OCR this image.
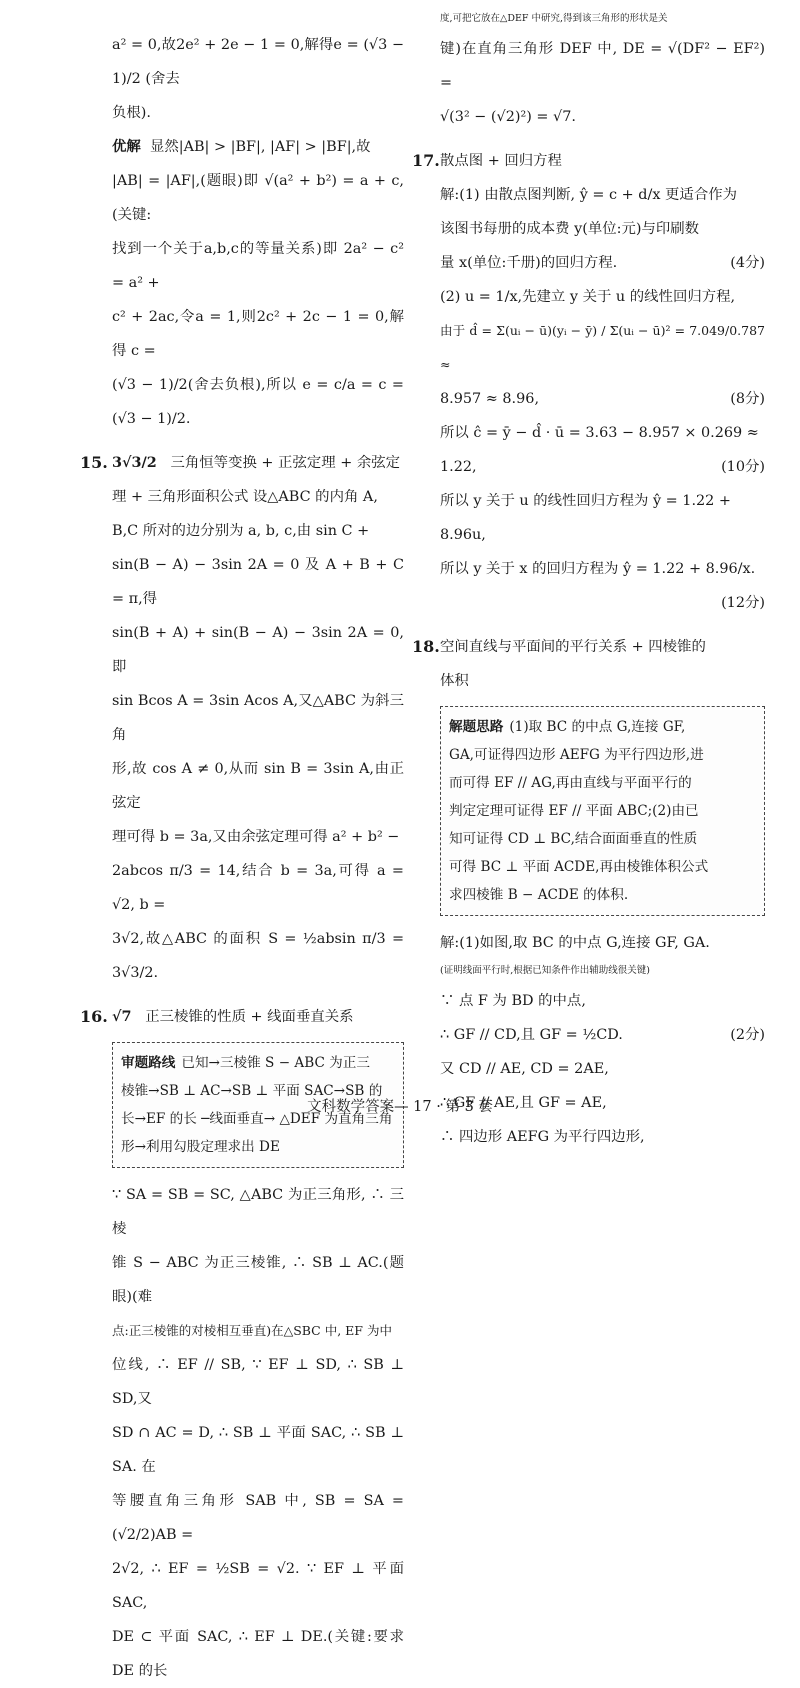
a² = 0,故2e² + 2e − 1 = 0,解得e = (√3 − 1)/2 (舍去

负根).

优解 显然|AB| > |BF|, |AF| > |BF|,故

|AB| = |AF|,(题眼)即 √(a² + b²) = a + c,(关键:

找到一个关于a,b,c的等量关系)即 2a² − c² = a² +

c² + 2ac,令a = 1,则2c² + 2c − 1 = 0,解得 c =

(√3 − 1)/2(舍去负根),所以 e = c/a = c = (√3 − 1)/2.

15. 3√3/2 三角恒等变换 + 正弦定理 + 余弦定

理 + 三角形面积公式 设△ABC 的内角 A,

B,C 所对的边分别为 a, b, c,由 sin C +

sin(B − A) − 3sin 2A = 0 及 A + B + C = π,得

sin(B + A) + sin(B − A) − 3sin 2A = 0,即

sin Bcos A = 3sin Acos A,又△ABC 为斜三角

形,故 cos A ≠ 0,从而 sin B = 3sin A,由正弦定

理可得 b = 3a,又由余弦定理可得 a² + b² −

2abcos π/3 = 14,结合 b = 3a,可得 a = √2, b =

3√2,故△ABC 的面积 S = ½absin π/3 = 3√3/2.

16. √7 正三棱锥的性质 + 线面垂直关系

审题路线 已知→三棱锥 S − ABC 为正三

棱锥→SB ⊥ AC→SB ⊥ 平面 SAC→SB 的

长→EF 的长 ─线面垂直→ △DEF 为直角三角

形→利用勾股定理求出 DE

∵ SA = SB = SC, △ABC 为正三角形, ∴ 三棱

锥 S − ABC 为正三棱锥, ∴ SB ⊥ AC.(题眼)(难

点:正三棱锥的对棱相互垂直)在△SBC 中, EF 为中

位线, ∴ EF // SB, ∵ EF ⊥ SD, ∴ SB ⊥ SD,又

SD ∩ AC = D, ∴ SB ⊥ 平面 SAC, ∴ SB ⊥ SA. 在

等腰直角三角形 SAB 中, SB = SA = (√2/2)AB =

2√2, ∴ EF = ½SB = √2. ∵ EF ⊥ 平面 SAC,

DE ⊂ 平面 SAC, ∴ EF ⊥ DE.(关键:要求 DE 的长

度,可把它放在△DEF 中研究,得到该三角形的形状是关

键)在直角三角形 DEF 中, DE = √(DF² − EF²) =

√(3² − (√2)²) = √7.

17. 散点图 + 回归方程

解:(1) 由散点图判断, ŷ = c + d/x 更适合作为

该图书每册的成本费 y(单位:元)与印刷数

量 x(单位:千册)的回归方程.	(4分)

(2) u = 1/x,先建立 y 关于 u 的线性回归方程,

由于 d̂ = Σ(uᵢ − ū)(yᵢ − ȳ) / Σ(uᵢ − ū)² = 7.049/0.787 ≈

8.957 ≈ 8.96,	(8分)

所以 ĉ = ȳ − d̂ · ū = 3.63 − 8.957 × 0.269 ≈

1.22,	(10分)

所以 y 关于 u 的线性回归方程为 ŷ = 1.22 +

8.96u,

所以 y 关于 x 的回归方程为 ŷ = 1.22 + 8.96/x.

(12分)

18. 空间直线与平面间的平行关系 + 四棱锥的

体积

解题思路 (1)取 BC 的中点 G,连接 GF,

GA,可证得四边形 AEFG 为平行四边形,进

而可得 EF // AG,再由直线与平面平行的

判定定理可证得 EF // 平面 ABC;(2)由已

知可证得 CD ⊥ BC,结合面面垂直的性质

可得 BC ⊥ 平面 ACDE,再由棱锥体积公式

求四棱锥 B − ACDE 的体积.

解:(1)如图,取 BC 的中点 G,连接 GF, GA.

(证明线面平行时,根据已知条件作出辅助线很关键)

∵ 点 F 为 BD 的中点,

∴ GF // CD,且 GF = ½CD.	(2分)

又 CD // AE, CD = 2AE,

∴ GF // AE,且 GF = AE,

∴ 四边形 AEFG 为平行四边形,

文科数学答案— 17 · 第 3 套
